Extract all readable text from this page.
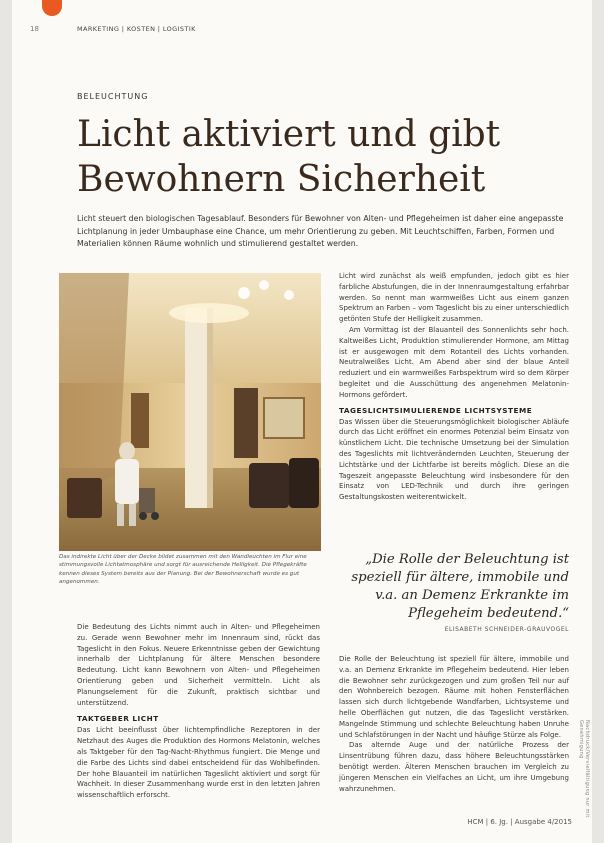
18	MARKETING | KOSTEN | LOGISTIK
BELEUCHTUNG
Licht aktiviert und gibt
Bewohnern Sicherheit

Licht steuert den biologischen Tagesablauf. Besonders für Bewohner von Alten- und Pflegeheimen ist daher eine angepasste Lichtplanung in jeder Umbauphase eine Chance, um mehr Orientierung zu geben. Mit Leuchtschiffen, Farben, Formen und Materialien können Räume wohnlich und stimulierend gestaltet werden.

Das indirekte Licht über der Decke bildet zusammen mit den Wandleuchten im Flur eine stimmungsvolle Lichtatmosphäre und sorgt für ausreichende Helligkeit. Die Pflegekräfte kennen dieses System bereits aus der Planung. Bei der Bewohnerschaft wurde es gut angenommen.

Die Bedeutung des Lichts nimmt auch in Alten- und Pflegeheimen zu. Gerade wenn Bewohner mehr im Innenraum sind, rückt das Tageslicht in den Fokus. Neuere Erkenntnisse geben der Gewichtung innerhalb der Lichtplanung für ältere Menschen besondere Bedeutung. Licht kann Bewohnern von Alten- und Pflegeheimen Orientierung geben und Sicherheit vermitteln. Licht als Planungselement für die Zukunft, praktisch sichtbar und unterstützend.

TAKTGEBER LICHT

Das Licht beeinflusst über lichtempfindliche Rezeptoren in der Netzhaut des Auges die Produktion des Hormons Melatonin, welches als Taktgeber für den Tag-Nacht-Rhythmus fungiert. Die Menge und die Farbe des Lichts sind dabei entscheidend für das Wohlbefinden. Der hohe Blauanteil im natürlichen Tageslicht aktiviert und sorgt für Wachheit. In dieser Zusammenhang wurde erst in den letzten Jahren wissenschaftlich erforscht.

Licht wird zunächst als weiß empfunden, jedoch gibt es hier farbliche Abstufungen, die in der Innenraumgestaltung erfahrbar werden. So nennt man warmweißes Licht aus einem ganzen Spektrum an Farben – vom Tageslicht bis zu einer unterschiedlich getönten Stufe der Helligkeit zusammen.

Am Vormittag ist der Blauanteil des Sonnenlichts sehr hoch. Kaltweißes Licht, Produktion stimulierender Hormone, am Mittag ist er ausgewogen mit dem Rotanteil des Lichts vorhanden. Neutralweißes Licht. Am Abend aber sind der blaue Anteil reduziert und ein warmweißes Farbspektrum wird so dem Körper begleitet und die Ausschüttung des angenehmen Melatonin-Hormons gefördert.

TAGESLICHTSIMULIERENDE LICHTSYSTEME

Das Wissen über die Steuerungsmöglichkeit biologischer Abläufe durch das Licht eröffnet ein enormes Potenzial beim Einsatz von künstlichem Licht. Die technische Umsetzung bei der Simulation des Tageslichts mit lichtverändernden Leuchten, Steuerung der Lichtstärke und der Lichtfarbe ist bereits möglich. Diese an die Tageszeit angepasste Beleuchtung wird insbesondere für den Einsatz von LED-Technik und durch ihre geringen Gestaltungskosten weiterentwickelt.

„Die Rolle der Beleuchtung ist speziell für ältere, immobile und v.a. an Demenz Erkrankte im Pflegeheim bedeutend.“
ELISABETH SCHNEIDER-GRAUVOGEL

Die Rolle der Beleuchtung ist speziell für ältere, immobile und v.a. an Demenz Erkrankte im Pflegeheim bedeutend. Hier leben die Bewohner sehr zurückgezogen und zum großen Teil nur auf den Wohnbereich bezogen. Räume mit hohen Fensterflächen lassen sich durch lichtgebende Wandfarben, Lichtsysteme und helle Oberflächen gut nutzen, die das Tageslicht verstärken. Mangelnde Stimmung und schlechte Beleuchtung haben Unruhe und Schlafstörungen in der Nacht und häufige Stürze als Folge.

Das alternde Auge und der natürliche Prozess der Linsentrübung führen dazu, dass höhere Beleuchtungsstärken benötigt werden. Älteren Menschen brauchen im Vergleich zu jüngeren Menschen ein Vielfaches an Licht, um ihre Umgebung wahrzunehmen.

HCM | 6. Jg. | Ausgabe 4/2015
Nachdruck/Vervielfältigung nur mit Genehmigung
